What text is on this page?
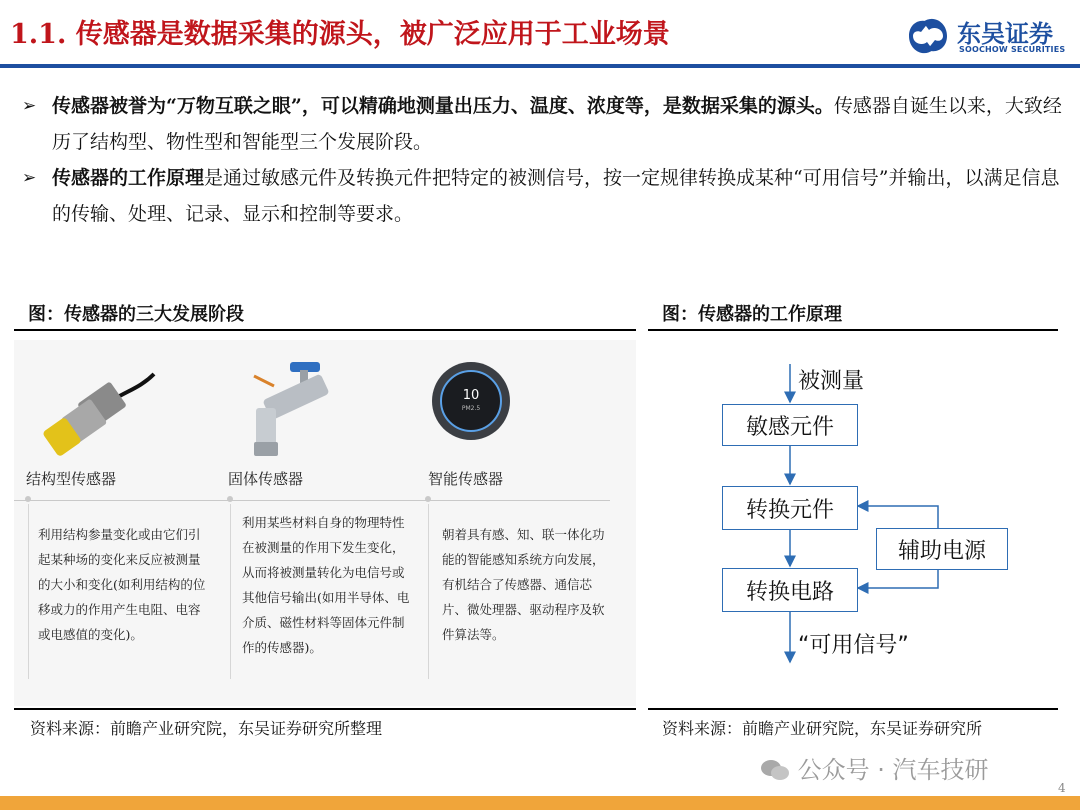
1.1. 传感器是数据采集的源头，被广泛应用于工业场景	东吴证券
SOOCHOW SECURITIES
➢ 传感器被誉为“万物互联之眼”，可以精确地测量出压力、温度、浓度等，是数据采集的源头。传感器自诞生以来，大致经历了结构型、物性型和智能型三个发展阶段。
➢ 传感器的工作原理是通过敏感元件及转换元件把特定的被测信号，按一定规律转换成某种“可用信号”并输出，以满足信息的传输、处理、记录、显示和控制等要求。
图：传感器的三大发展阶段	图：传感器的工作原理
10
PM2.5
结构型传感器	固体传感器	智能传感器
利用结构参量变化或由它们引起某种场的变化来反应被测量的大小和变化(如利用结构的位移或力的作用产生电阻、电容或电感值的变化)。
利用某些材料自身的物理特性在被测量的作用下发生变化，从而将被测量转化为电信号或其他信号输出(如用半导体、电介质、磁性材料等固体元件制作的传感器)。
朝着具有感、知、联一体化功能的智能感知系统方向发展，有机结合了传感器、通信芯片、微处理器、驱动程序及软件算法等。
被测量
敏感元件
转换元件
辅助电源
转换电路
“可用信号”
资料来源：前瞻产业研究院，东吴证券研究所整理	资料来源：前瞻产业研究院，东吴证券研究所
公众号 · 汽车技研
4
